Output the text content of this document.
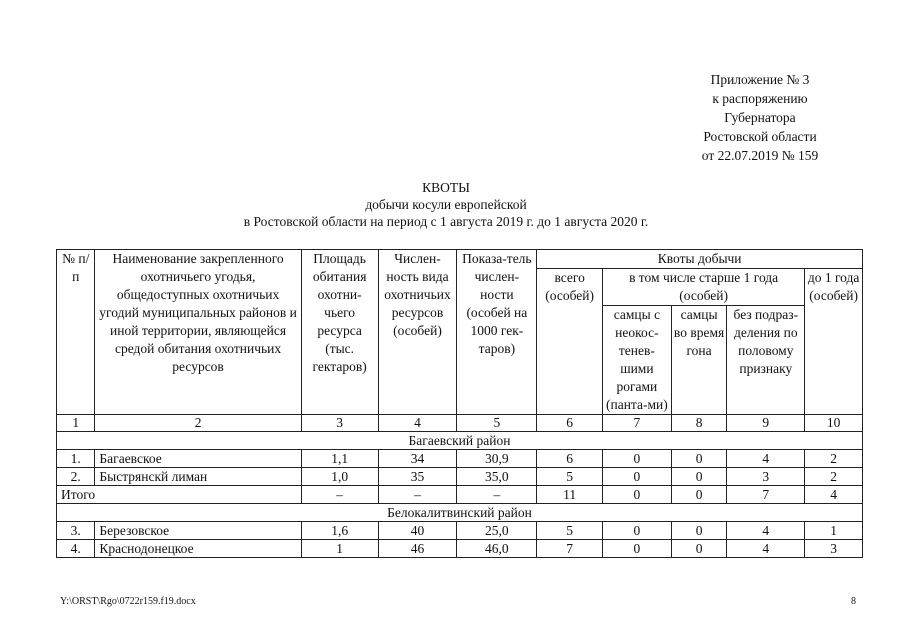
Приложение № 3
к распоряжению
Губернатора
Ростовской области
от 22.07.2019 № 159
КВОТЫ
добычи косули европейской
в Ростовской области на период с 1 августа 2019 г. до 1 августа 2020 г.
№ п/п	Наименование закрепленного охотничьего угодья, общедоступных охотничьих угодий муниципальных районов и иной территории, являющейся средой обитания охотничьих ресурсов	Площадь обитания охотни-чьего ресурса (тыс. гектаров)	Числен-ность вида охотничьих ресурсов (особей)	Показа-тель числен-ности (особей на 1000 гек-таров)	Квоты добычи				
					всего (особей)	в том числе старше 1 года (особей)			до 1 года (особей)
						самцы с неокос-тенев-шими рогами (панта-ми)	самцы во время гона	без подраз-деления по половому признаку	
1	2	3	4	5	6	7	8	9	10
Багаевский район									
1.	Багаевское	1,1	34	30,9	6	0	0	4	2
2.	Быстрянскй лиман	1,0	35	35,0	5	0	0	3	2
Итого		–	–	–	11	0	0	7	4
Белокалитвинский район									
3.	Березовское	1,6	40	25,0	5	0	0	4	1
4.	Краснодонецкое	1	46	46,0	7	0	0	4	3
Y:\ORST\Rgo\0722r159.f19.docx	8
